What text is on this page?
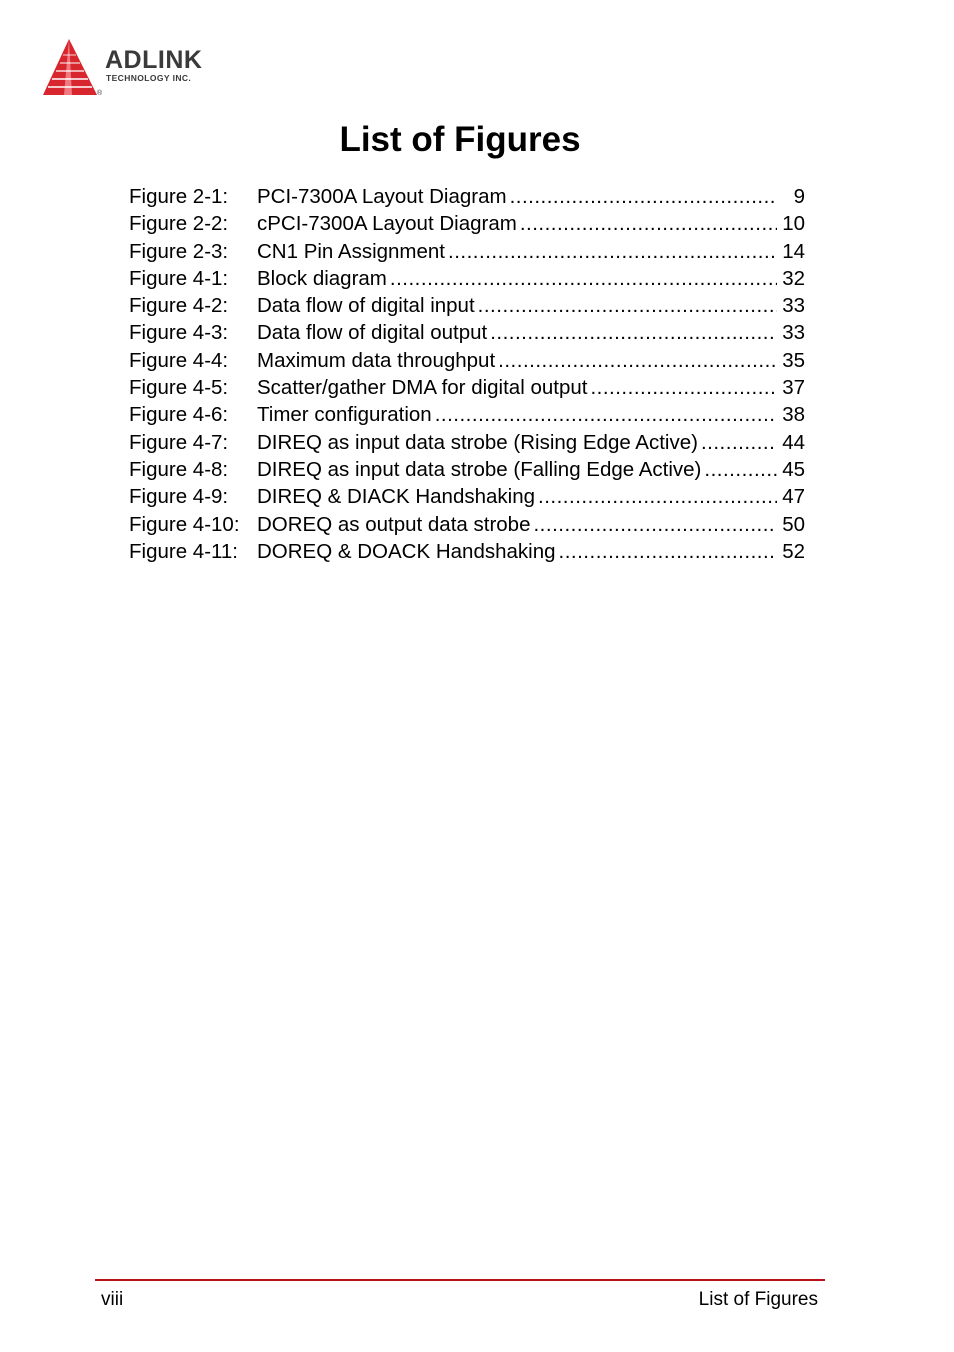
ADLINK
TECHNOLOGY INC.
®
List of Figures
Figure 2-1:	PCI-7300A Layout Diagram .....	9
Figure 2-2:	cPCI-7300A Layout Diagram .....	10
Figure 2-3:	CN1 Pin Assignment .....	14
Figure 4-1:	Block diagram .....	32
Figure 4-2:	Data flow of digital input .....	33
Figure 4-3:	Data flow of digital output .....	33
Figure 4-4:	Maximum data throughput .....	35
Figure 4-5:	Scatter/gather DMA for digital output .....	37
Figure 4-6:	Timer configuration .....	38
Figure 4-7:	DIREQ as input data strobe (Rising Edge Active) .....	44
Figure 4-8:	DIREQ as input data strobe (Falling Edge Active) .....	45
Figure 4-9:	DIREQ & DIACK Handshaking .....	47
Figure 4-10: DOREQ as output data strobe .....	50
Figure 4-11: DOREQ & DOACK Handshaking .....	52
viii	List of Figures
